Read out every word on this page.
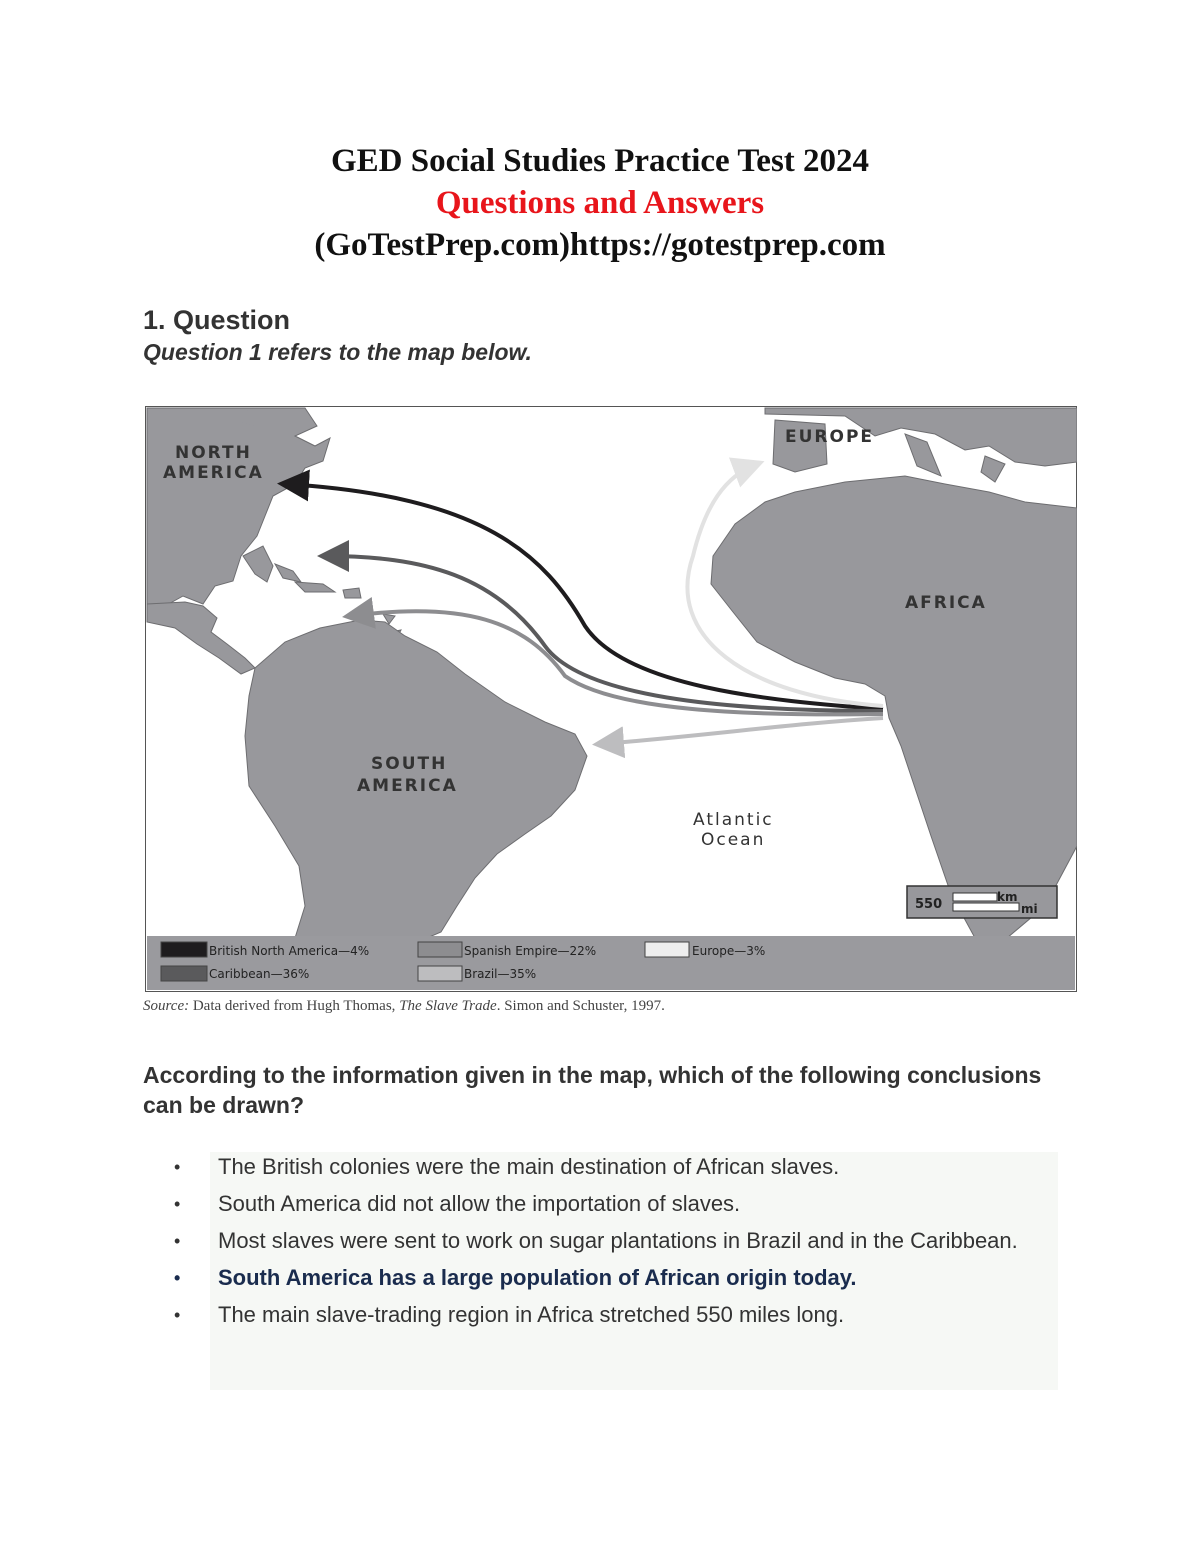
GED Social Studies Practice Test 2024
Questions and Answers
(GoTestPrep.com)https://gotestprep.com
1. Question
Question 1 refers to the map below.
NORTH
AMERICA
EUROPE
AFRICA
SOUTH
AMERICA
Atlantic
Ocean
550	km
mi
British North America—4%
Caribbean—36%
Spanish Empire—22%
Brazil—35%
Europe—3%
Source: Data derived from Hugh Thomas, The Slave Trade. Simon and Schuster, 1997.
According to the information given in the map, which of the following conclusions can be drawn?
• The British colonies were the main destination of African slaves.
• South America did not allow the importation of slaves.
• Most slaves were sent to work on sugar plantations in Brazil and in the Caribbean.
• South America has a large population of African origin today.
• The main slave-trading region in Africa stretched 550 miles long.
